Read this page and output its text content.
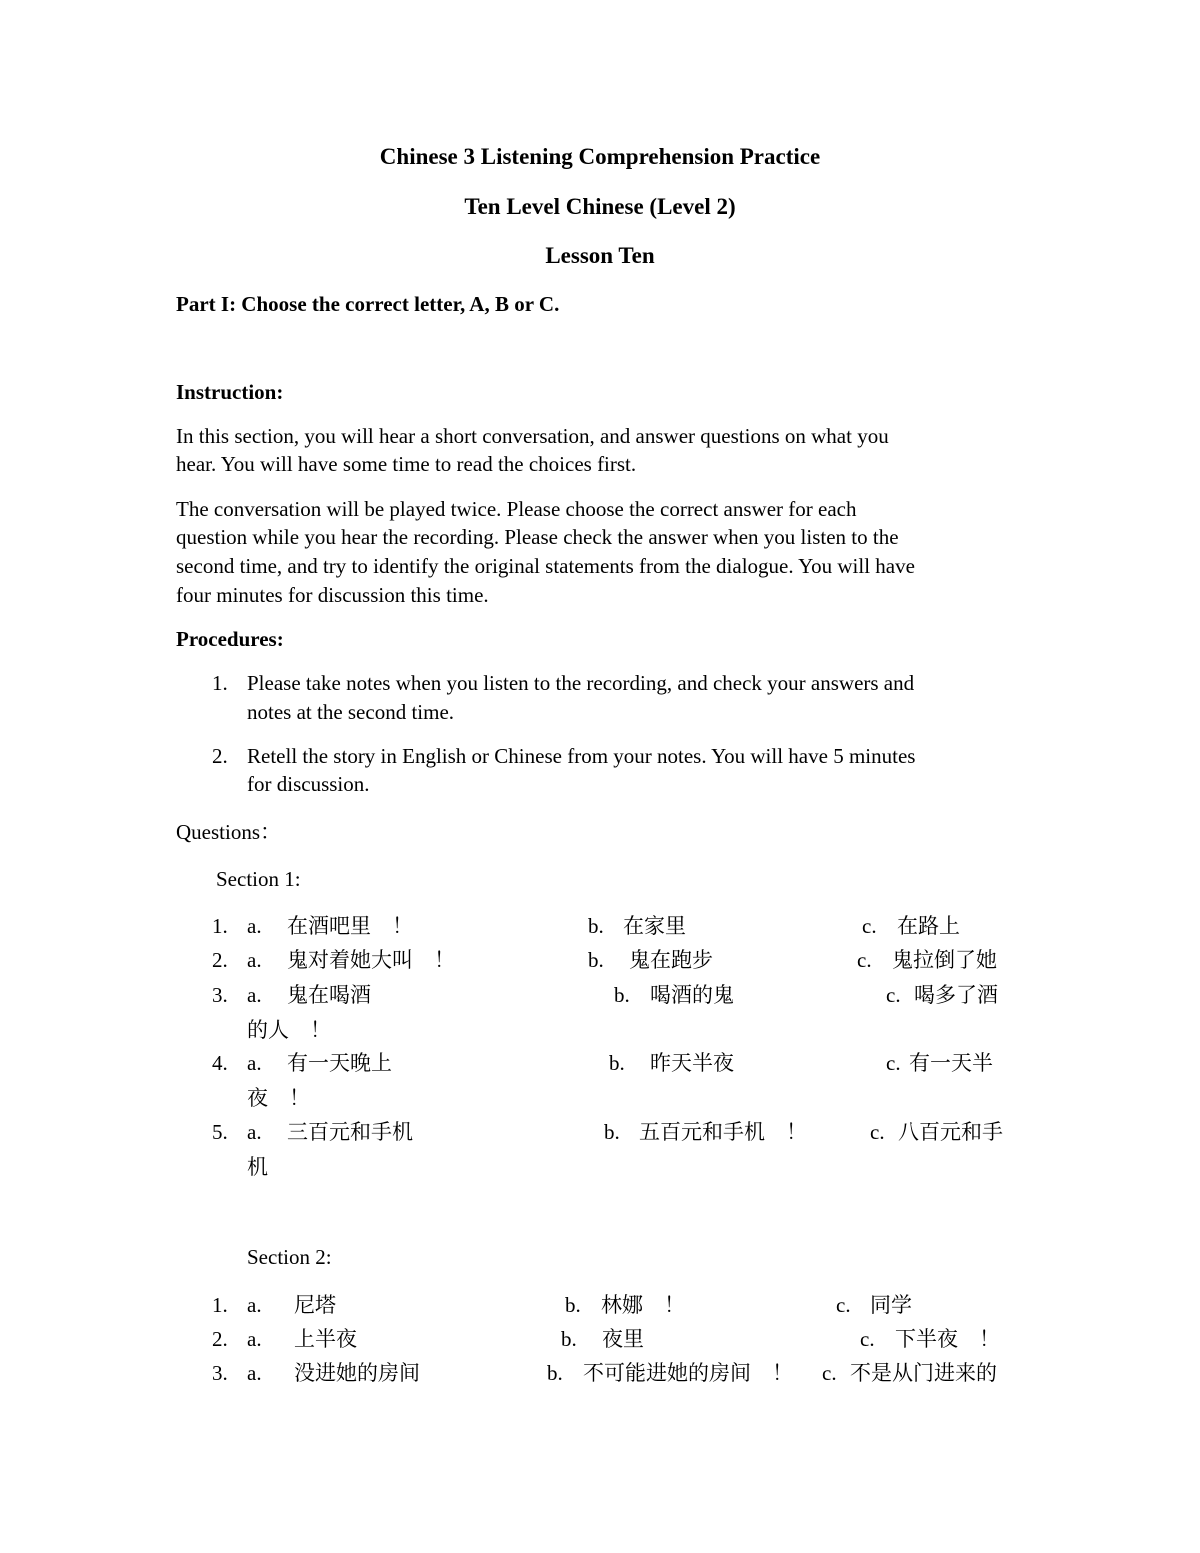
Chinese 3 Listening Comprehension Practice
Ten Level Chinese (Level 2)
Lesson Ten
Part I: Choose the correct letter, A, B or C.
Instruction:
In this section, you will hear a short conversation, and answer questions on what you
hear. You will have some time to read the choices first.
The conversation will be played twice. Please choose the correct answer for each
question while you hear the recording. Please check the answer when you listen to the
second time, and try to identify the original statements from the dialogue. You will have
four minutes for discussion this time.
Procedures:
1. Please take notes when you listen to the recording, and check your answers and
notes at the second time.
2. Retell the story in English or Chinese from your notes. You will have 5 minutes
for discussion.
Questions：
Section 1:
1. a. 在酒吧里　！	b. 在家里	c. 在路上
2. a. 鬼对着她大叫　！	b. 鬼在跑步	c. 鬼拉倒了她
3. a. 鬼在喝酒	b. 喝酒的鬼	c. 喝多了酒
的人　！
4. a. 有一天晚上	b. 昨天半夜	c. 有一天半
夜　！
5. a. 三百元和手机	b. 五百元和手机　！	c. 八百元和手
机
Section 2:
1. a. 尼塔	b. 林娜　！	c. 同学
2. a. 上半夜	b. 夜里	c. 下半夜　！
3. a. 没进她的房间	b. 不可能进她的房间　！ c. 不是从门进来的
